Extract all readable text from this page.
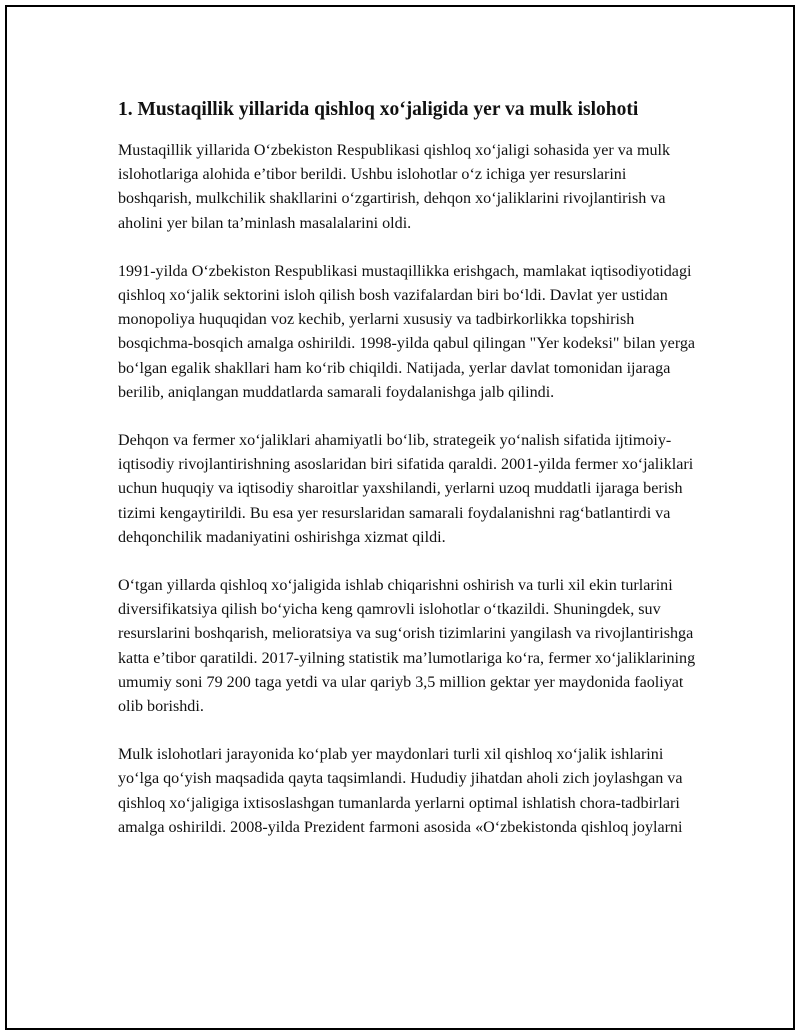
1. Mustaqillik yillarida qishloq xo‘jaligida yer va mulk islohoti

Mustaqillik yillarida O‘zbekiston Respublikasi qishloq xo‘jaligi sohasida yer va mulk islohotlariga alohida e’tibor berildi. Ushbu islohotlar o‘z ichiga yer resurslarini boshqarish, mulkchilik shakllarini o‘zgartirish, dehqon xo‘jaliklarini rivojlantirish va aholini yer bilan ta’minlash masalalarini oldi.

1991-yilda O‘zbekiston Respublikasi mustaqillikka erishgach, mamlakat iqtisodiyotidagi qishloq xo‘jalik sektorini isloh qilish bosh vazifalardan biri bo‘ldi. Davlat yer ustidan monopoliya huquqidan voz kechib, yerlarni xususiy va tadbirkorlikka topshirish bosqichma-bosqich amalga oshirildi. 1998-yilda qabul qilingan "Yer kodeksi" bilan yerga bo‘lgan egalik shakllari ham ko‘rib chiqildi. Natijada, yerlar davlat tomonidan ijaraga berilib, aniqlangan muddatlarda samarali foydalanishga jalb qilindi.

Dehqon va fermer xo‘jaliklari ahamiyatli bo‘lib, strategeik yo‘nalish sifatida ijtimoiy-iqtisodiy rivojlantirishning asoslaridan biri sifatida qaraldi. 2001-yilda fermer xo‘jaliklari uchun huquqiy va iqtisodiy sharoitlar yaxshilandi, yerlarni uzoq muddatli ijaraga berish tizimi kengaytirildi. Bu esa yer resurslaridan samarali foydalanishni rag‘batlantirdi va dehqonchilik madaniyatini oshirishga xizmat qildi.

O‘tgan yillarda qishloq xo‘jaligida ishlab chiqarishni oshirish va turli xil ekin turlarini diversifikatsiya qilish bo‘yicha keng qamrovli islohotlar o‘tkazildi. Shuningdek, suv resurslarini boshqarish, melioratsiya va sug‘orish tizimlarini yangilash va rivojlantirishga katta e’tibor qaratildi. 2017-yilning statistik ma’lumotlariga ko‘ra, fermer xo‘jaliklarining umumiy soni 79 200 taga yetdi va ular qariyb 3,5 million gektar yer maydonida faoliyat olib borishdi.

Mulk islohotlari jarayonida ko‘plab yer maydonlari turli xil qishloq xo‘jalik ishlarini yo‘lga qo‘yish maqsadida qayta taqsimlandi. Hududiy jihatdan aholi zich joylashgan va qishloq xo‘jaligiga ixtisoslashgan tumanlarda yerlarni optimal ishlatish chora-tadbirlari amalga oshirildi. 2008-yilda Prezident farmoni asosida «O‘zbekistonda qishloq joylarni
